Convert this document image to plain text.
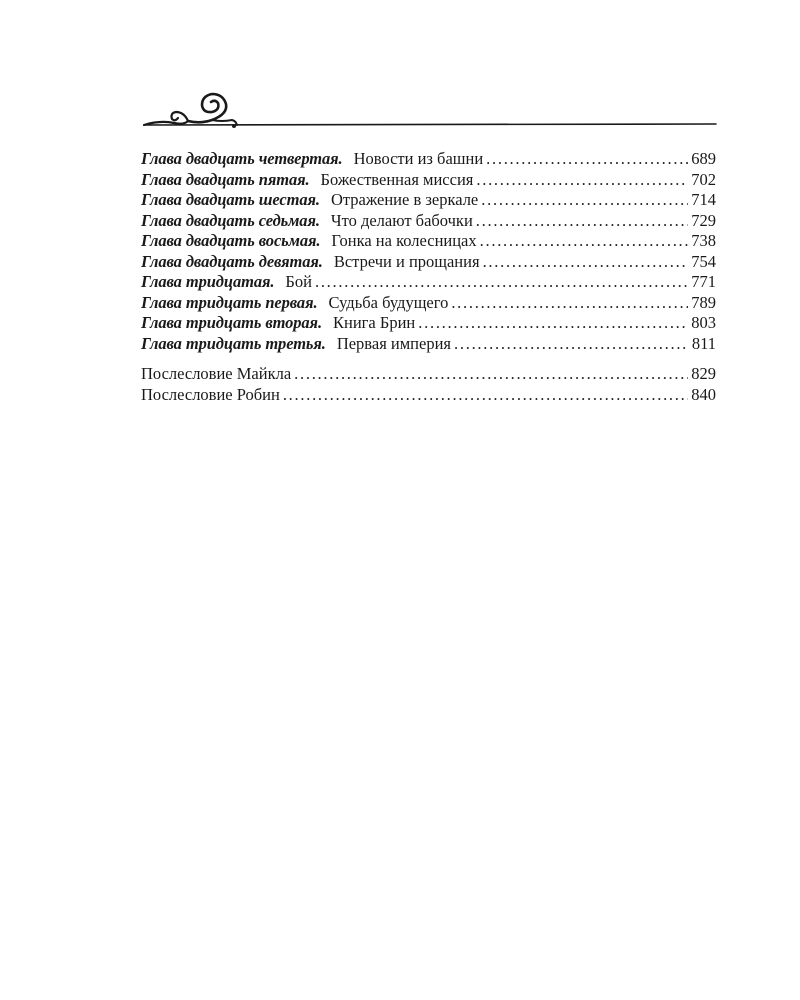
Глава двадцать четвертая. Новости из башни . . .	689
Глава двадцать пятая. Божественная миссия . . .	702
Глава двадцать шестая. Отражение в зеркале . . .	714
Глава двадцать седьмая. Что делают бабочки . . .	729
Глава двадцать восьмая. Гонка на колесницах . . .	738
Глава двадцать девятая. Встречи и прощания . . .	754
Глава тридцатая. Бой . . .	771
Глава тридцать первая. Судьба будущего . . .	789
Глава тридцать вторая. Книга Брин . . .	803
Глава тридцать третья. Первая империя . . .	811
Послесловие Майкла . . .	829
Послесловие Робин . . .	840
